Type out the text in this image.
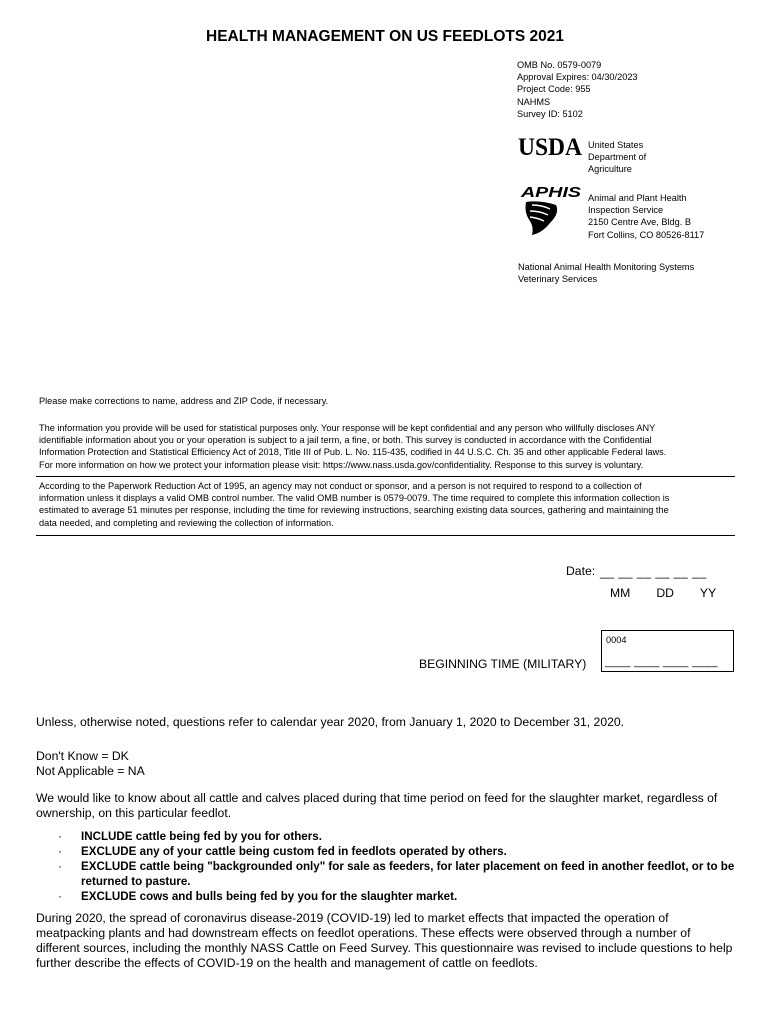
HEALTH MANAGEMENT ON US FEEDLOTS 2021
OMB No. 0579-0079
Approval Expires: 04/30/2023
Project Code: 955
NAHMS
Survey ID: 5102
USDA United States
Department of
Agriculture
APHIS Animal and Plant Health
Inspection Service
2150 Centre Ave, Bldg. B
Fort Collins, CO 80526-8117
National Animal Health Monitoring Systems
Veterinary Services
Please make corrections to name, address and ZIP Code, if necessary.
The information you provide will be used for statistical purposes only. Your response will be kept confidential and any person who willfully discloses ANY
identifiable information about you or your operation is subject to a jail term, a fine, or both. This survey is conducted in accordance with the Confidential
Information Protection and Statistical Efficiency Act of 2018, Title III of Pub. L. No. 115-435, codified in 44 U.S.C. Ch. 35 and other applicable Federal laws.
For more information on how we protect your information please visit: https://www.nass.usda.gov/confidentiality. Response to this survey is voluntary.
According to the Paperwork Reduction Act of 1995, an agency may not conduct or sponsor, and a person is not required to respond to a collection of
information unless it displays a valid OMB control number. The valid OMB number is 0579-0079. The time required to complete this information collection is
estimated to average 51 minutes per response, including the time for reviewing instructions, searching existing data sources, gathering and maintaining the
data needed, and completing and reviewing the collection of information.
Date: __ __ __ __ __ __
MM DD YY
0004
____ ____ ____ ____
BEGINNING TIME (MILITARY)
Unless, otherwise noted, questions refer to calendar year 2020, from January 1, 2020 to December 31, 2020.
Don't Know = DK
Not Applicable = NA
We would like to know about all cattle and calves placed during that time period on feed for the slaughter market, regardless of ownership, on this particular feedlot.
· INCLUDE cattle being fed by you for others.
· EXCLUDE any of your cattle being custom fed in feedlots operated by others.
· EXCLUDE cattle being "backgrounded only" for sale as feeders, for later placement on feed in another feedlot, or to be returned to pasture.
· EXCLUDE cows and bulls being fed by you for the slaughter market.
During 2020, the spread of coronavirus disease-2019 (COVID-19) led to market effects that impacted the operation of meatpacking plants and had downstream effects on feedlot operations. These effects were observed through a number of different sources, including the monthly NASS Cattle on Feed Survey. This questionnaire was revised to include questions to help further describe the effects of COVID-19 on the health and management of cattle on feedlots.
